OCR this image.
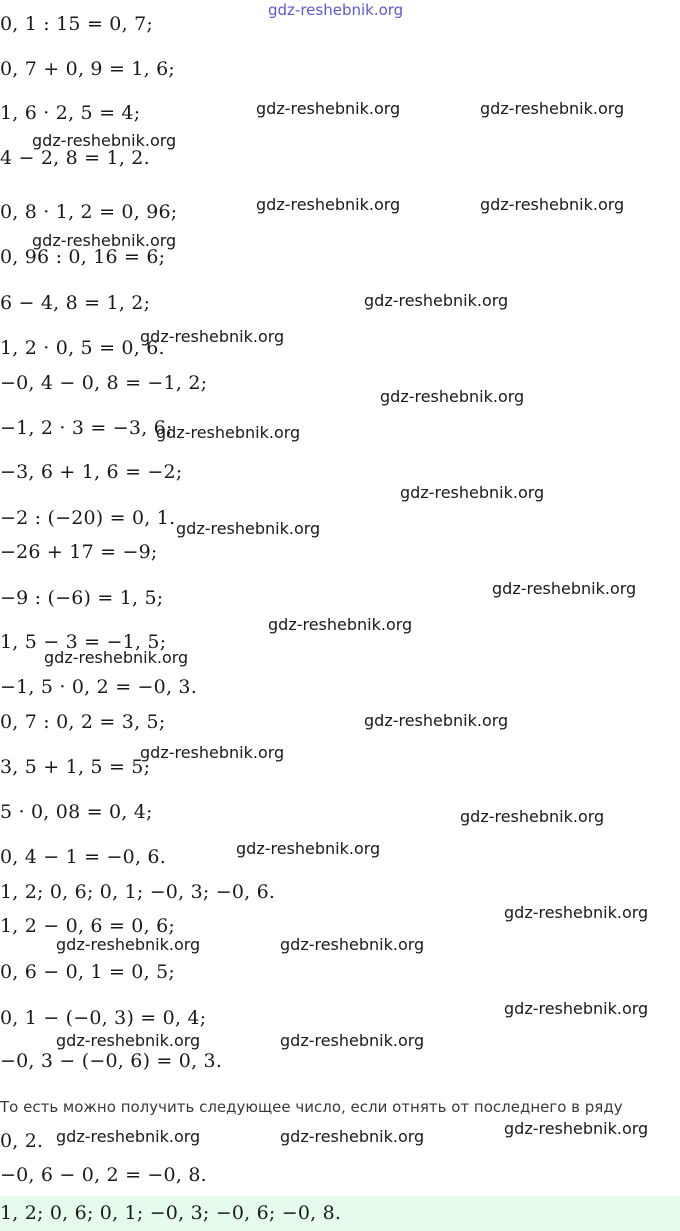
gdz-reshebnik.org
0, 1 : 15 = 0, 7;
0, 7 + 0, 9 = 1, 6;
1, 6 · 2, 5 = 4;
4 − 2, 8 = 1, 2.
0, 8 · 1, 2 = 0, 96;
0, 96 : 0, 16 = 6;
6 − 4, 8 = 1, 2;
1, 2 · 0, 5 = 0, 6.
−0, 4 − 0, 8 = −1, 2;
−1, 2 · 3 = −3, 6;
−3, 6 + 1, 6 = −2;
−2 : (−20) = 0, 1.
−26 + 17 = −9;
−9 : (−6) = 1, 5;
1, 5 − 3 = −1, 5;
−1, 5 · 0, 2 = −0, 3.
0, 7 : 0, 2 = 3, 5;
3, 5 + 1, 5 = 5;
5 · 0, 08 = 0, 4;
0, 4 − 1 = −0, 6.
1, 2; 0, 6; 0, 1; −0, 3; −0, 6.
1, 2 − 0, 6 = 0, 6;
0, 6 − 0, 1 = 0, 5;
0, 1 − (−0, 3) = 0, 4;
−0, 3 − (−0, 6) = 0, 3.
То есть можно получить следующее число, если отнять от последнего в ряду
0, 2.
−0, 6 − 0, 2 = −0, 8.
1, 2; 0, 6; 0, 1; −0, 3; −0, 6; −0, 8.
gdz-reshebnik.org	gdz-reshebnik.org
gdz-reshebnik.org
gdz-reshebnik.org	gdz-reshebnik.org
gdz-reshebnik.org
gdz-reshebnik.org
gdz-reshebnik.org
gdz-reshebnik.org
gdz-reshebnik.org
gdz-reshebnik.org
gdz-reshebnik.org
gdz-reshebnik.org
gdz-reshebnik.org
gdz-reshebnik.org
gdz-reshebnik.org
gdz-reshebnik.org
gdz-reshebnik.org
gdz-reshebnik.org
gdz-reshebnik.org
gdz-reshebnik.org	gdz-reshebnik.org
gdz-reshebnik.org
gdz-reshebnik.org	gdz-reshebnik.org
gdz-reshebnik.org
gdz-reshebnik.org	gdz-reshebnik.org
